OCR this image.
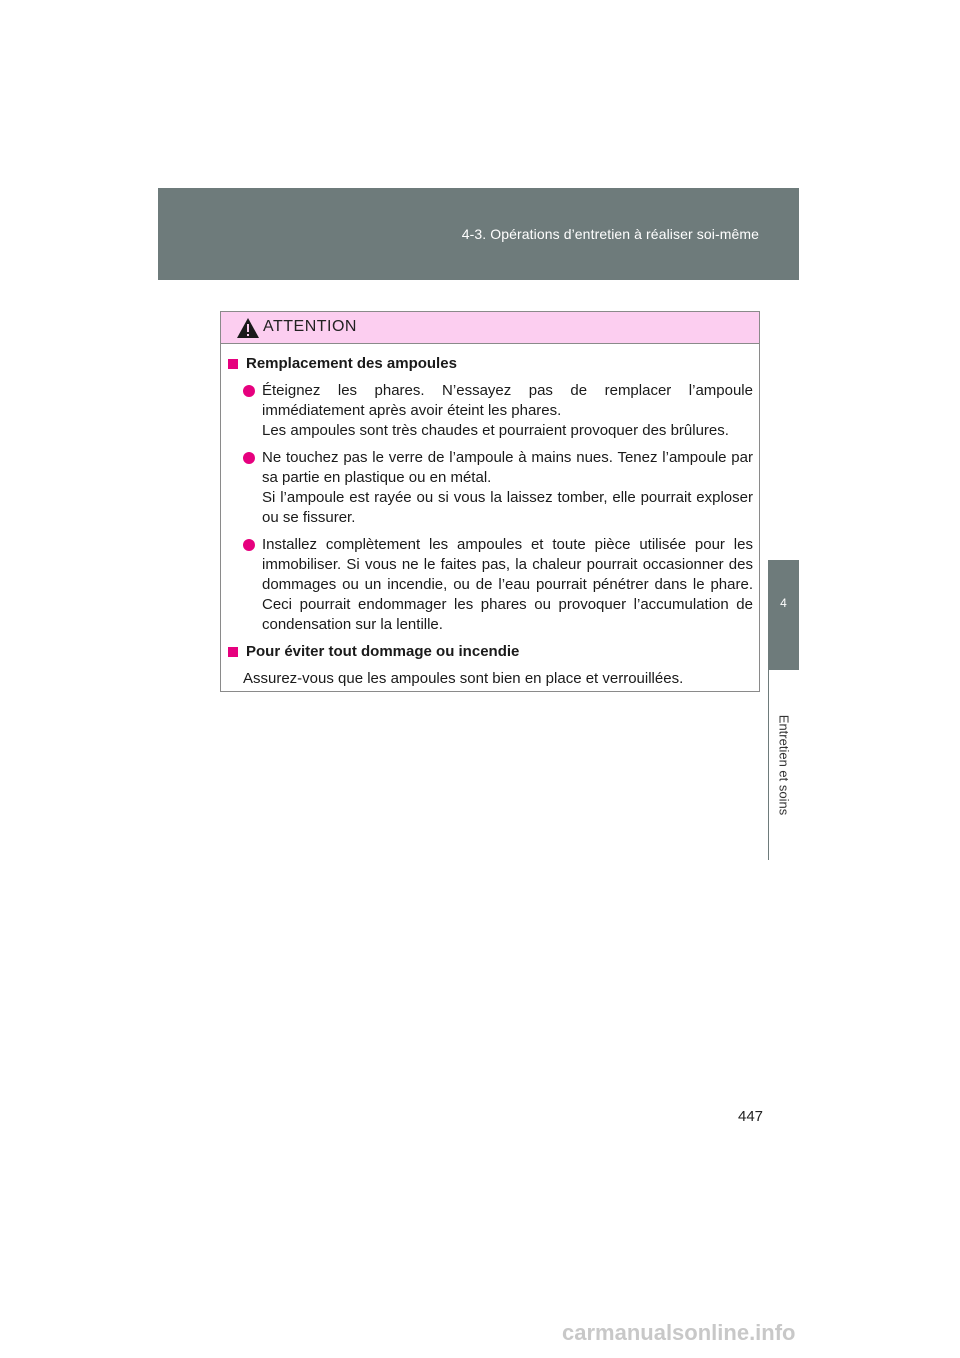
4-3. Opérations d’entretien à réaliser soi-même
4
Entretien et soins
ATTENTION
Remplacement des ampoules
Éteignez les phares. N’essayez pas de remplacer l’ampoule immédiatement après avoir éteint les phares.
Les ampoules sont très chaudes et pourraient provoquer des brûlures.
Ne touchez pas le verre de l’ampoule à mains nues. Tenez l’ampoule par sa partie en plastique ou en métal.
Si l’ampoule est rayée ou si vous la laissez tomber, elle pourrait exploser ou se fissurer.
Installez complètement les ampoules et toute pièce utilisée pour les immobiliser. Si vous ne le faites pas, la chaleur pourrait occasionner des dommages ou un incendie, ou de l’eau pourrait pénétrer dans le phare. Ceci pourrait endommager les phares ou provoquer l’accumulation de condensation sur la lentille.
Pour éviter tout dommage ou incendie
Assurez-vous que les ampoules sont bien en place et verrouillées.
447
carmanualsonline.info
